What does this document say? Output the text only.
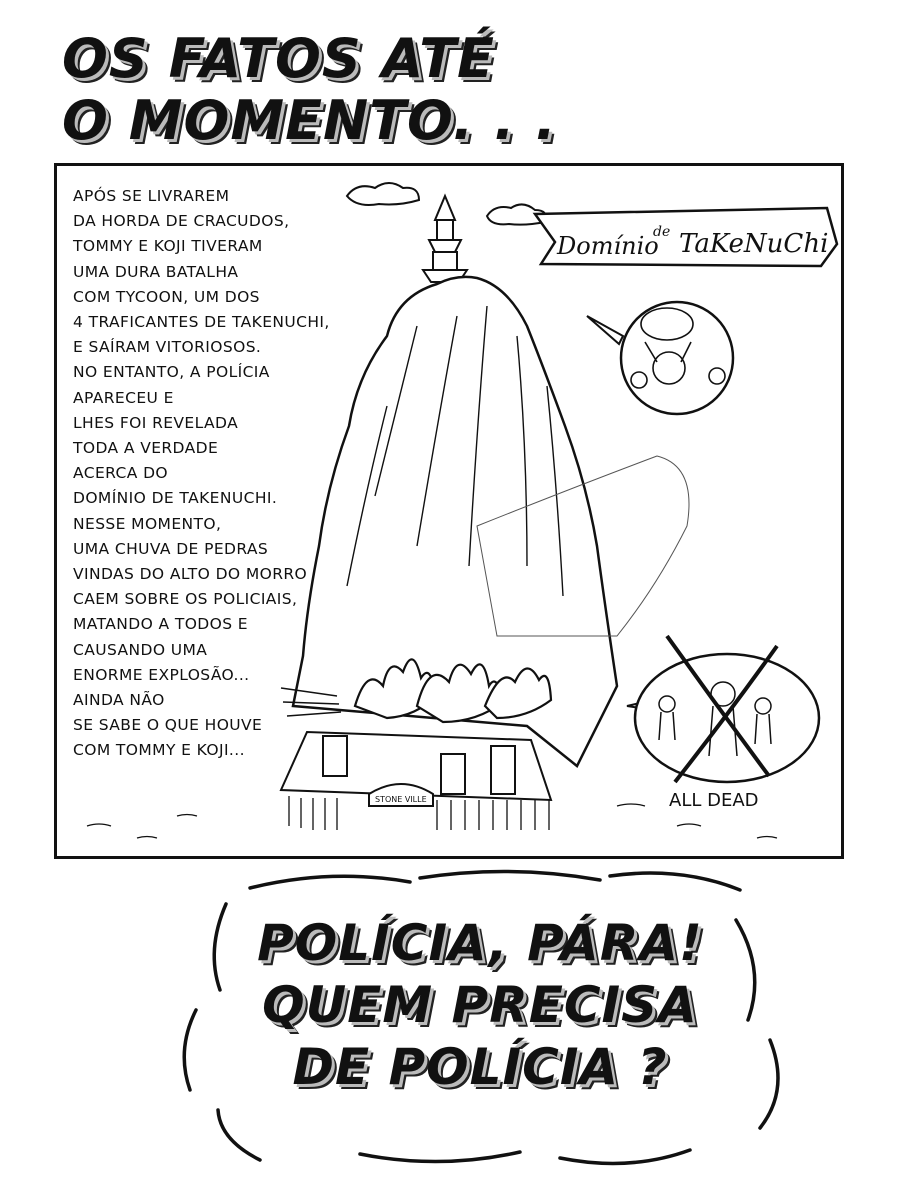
OS FATOS ATÉ
O MOMENTO. . .
Domínio
de TaKeNuChi
STONE VILLE	ALL DEAD
APÓS SE LIVRAREM
DA HORDA DE CRACUDOS,
TOMMY E KOJI TIVERAM
UMA DURA BATALHA
COM TYCOON, UM DOS
4 TRAFICANTES DE TAKENUCHI,
E SAÍRAM VITORIOSOS.
NO ENTANTO, A POLÍCIA
APARECEU E
LHES FOI REVELADA
TODA A VERDADE
ACERCA DO
DOMÍNIO DE TAKENUCHI.
NESSE MOMENTO,
UMA CHUVA DE PEDRAS
VINDAS DO ALTO DO MORRO
CAEM SOBRE OS POLICIAIS,
MATANDO A TODOS E
CAUSANDO UMA
ENORME EXPLOSÃO...
AINDA NÃO
SE SABE O QUE HOUVE
COM TOMMY E KOJI...
POLÍCIA, PÁRA!
QUEM PRECISA
DE POLÍCIA ?
